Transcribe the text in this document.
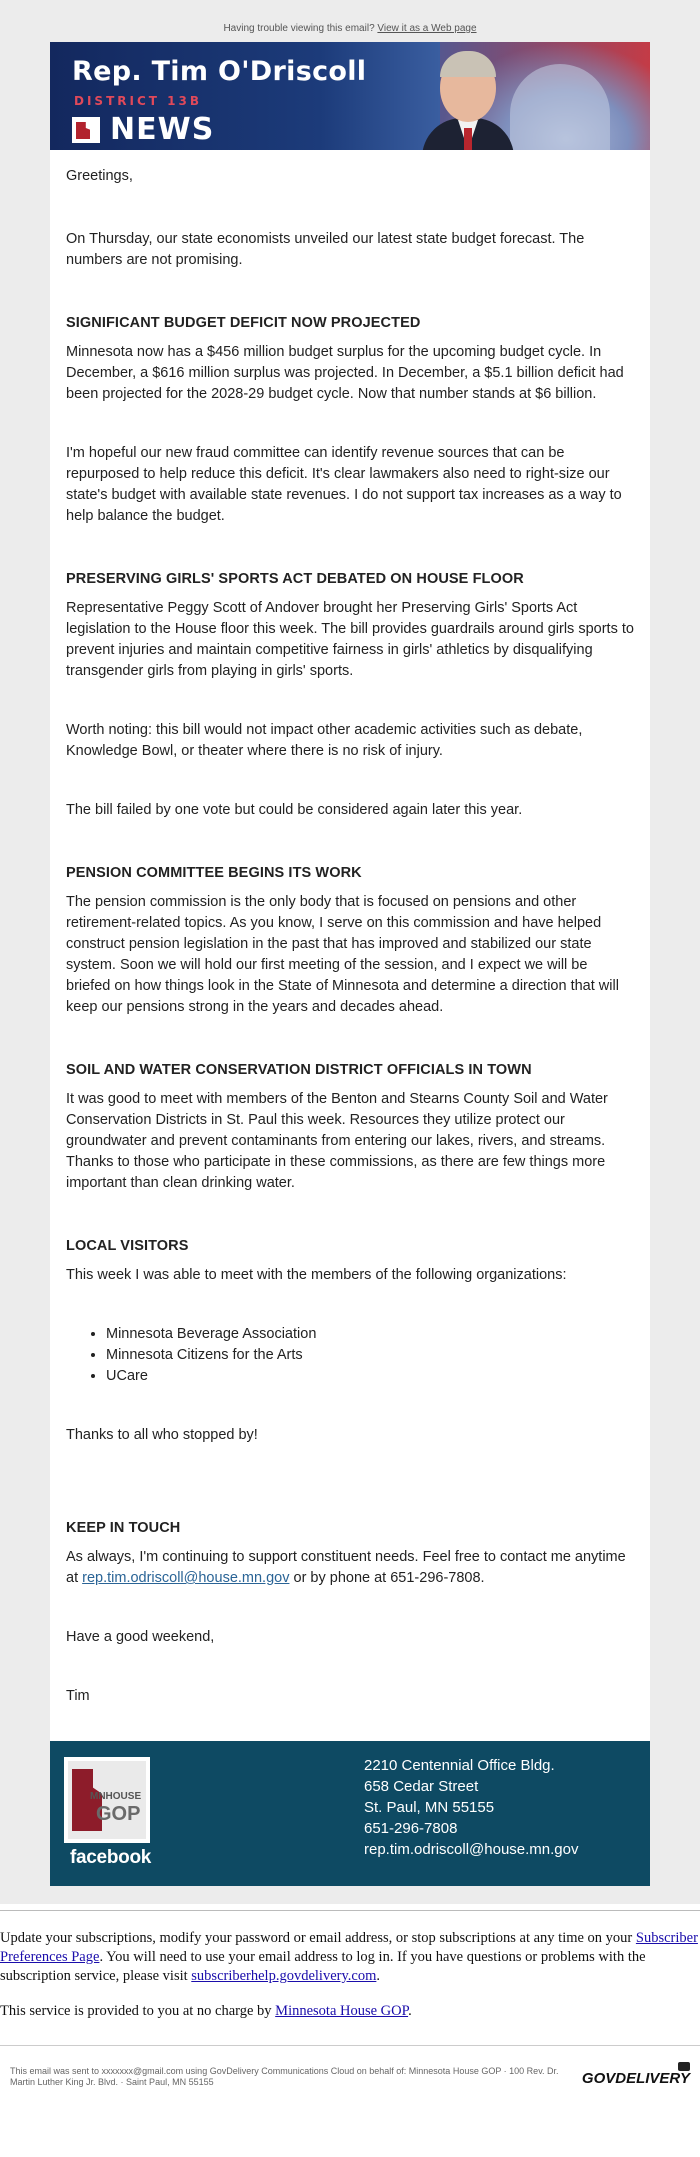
Having trouble viewing this email? View it as a Web page
Rep. Tim O'Driscoll
DISTRICT 13B
NEWS

Greetings,

On Thursday, our state economists unveiled our latest state budget forecast. The numbers are not promising.

SIGNIFICANT BUDGET DEFICIT NOW PROJECTED

Minnesota now has a $456 million budget surplus for the upcoming budget cycle. In December, a $616 million surplus was projected. In December, a $5.1 billion deficit had been projected for the 2028-29 budget cycle. Now that number stands at $6 billion.

I'm hopeful our new fraud committee can identify revenue sources that can be repurposed to help reduce this deficit. It's clear lawmakers also need to right-size our state's budget with available state revenues. I do not support tax increases as a way to help balance the budget.

PRESERVING GIRLS' SPORTS ACT DEBATED ON HOUSE FLOOR

Representative Peggy Scott of Andover brought her Preserving Girls' Sports Act legislation to the House floor this week. The bill provides guardrails around girls sports to prevent injuries and maintain competitive fairness in girls' athletics by disqualifying transgender girls from playing in girls' sports.

Worth noting: this bill would not impact other academic activities such as debate, Knowledge Bowl, or theater where there is no risk of injury.

The bill failed by one vote but could be considered again later this year.

PENSION COMMITTEE BEGINS ITS WORK

The pension commission is the only body that is focused on pensions and other retirement-related topics. As you know, I serve on this commission and have helped construct pension legislation in the past that has improved and stabilized our state system. Soon we will hold our first meeting of the session, and I expect we will be briefed on how things look in the State of Minnesota and determine a direction that will keep our pensions strong in the years and decades ahead.

SOIL AND WATER CONSERVATION DISTRICT OFFICIALS IN TOWN

It was good to meet with members of the Benton and Stearns County Soil and Water Conservation Districts in St. Paul this week. Resources they utilize protect our groundwater and prevent contaminants from entering our lakes, rivers, and streams. Thanks to those who participate in these commissions, as there are few things more important than clean drinking water.

LOCAL VISITORS

This week I was able to meet with the members of the following organizations:

• Minnesota Beverage Association
• Minnesota Citizens for the Arts
• UCare

Thanks to all who stopped by!

KEEP IN TOUCH

As always, I'm continuing to support constituent needs. Feel free to contact me anytime at rep.tim.odriscoll@house.mn.gov or by phone at 651-296-7808.

Have a good weekend,

Tim

MNHOUSE
GOP
facebook
2210 Centennial Office Bldg.
658 Cedar Street
St. Paul, MN 55155
651-296-7808
rep.tim.odriscoll@house.mn.gov

Update your subscriptions, modify your password or email address, or stop subscriptions at any time on your Subscriber Preferences Page. You will need to use your email address to log in. If you have questions or problems with the subscription service, please visit subscriberhelp.govdelivery.com.

This service is provided to you at no charge by Minnesota House GOP.

This email was sent to xxxxxxx@gmail.com using GovDelivery Communications Cloud on behalf of: Minnesota House GOP · 100 Rev. Dr. Martin Luther King Jr. Blvd. · Saint Paul, MN 55155	GOVDELIVERY
